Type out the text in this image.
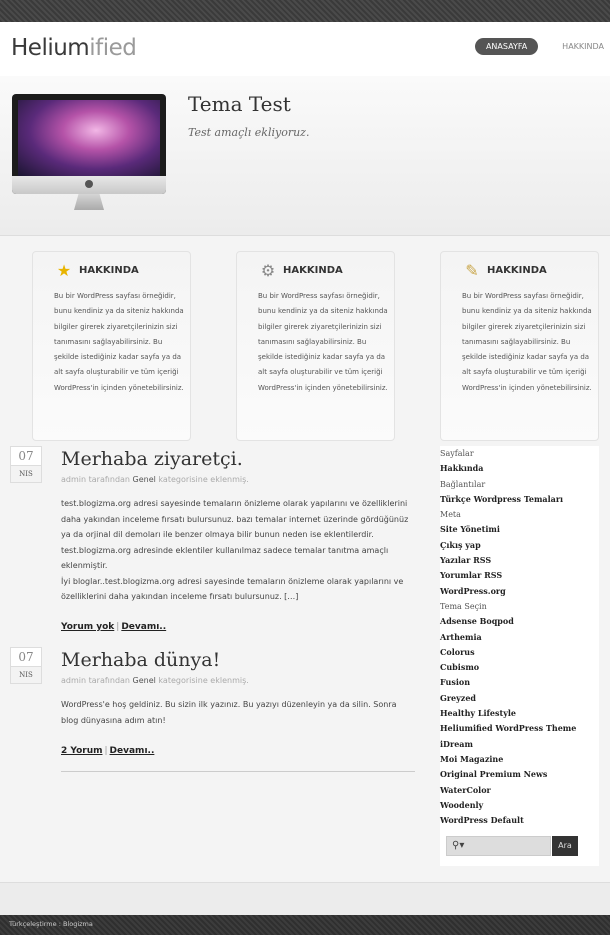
Heliumified	ANASAYFA	HAKKINDA
Tema Test
Test amaçlı ekliyoruz.
★ HAKKINDA

Bu bir WordPress sayfası örneğidir, bunu kendiniz ya da siteniz hakkında bilgiler girerek ziyaretçilerinizin sizi tanımasını sağlayabilirsiniz. Bu şekilde istediğiniz kadar sayfa ya da alt sayfa oluşturabilir ve tüm içeriği WordPress'in içinden yönetebilirsiniz.

⚙ HAKKINDA

Bu bir WordPress sayfası örneğidir, bunu kendiniz ya da siteniz hakkında bilgiler girerek ziyaretçilerinizin sizi tanımasını sağlayabilirsiniz. Bu şekilde istediğiniz kadar sayfa ya da alt sayfa oluşturabilir ve tüm içeriği WordPress'in içinden yönetebilirsiniz.

✎ HAKKINDA

Bu bir WordPress sayfası örneğidir, bunu kendiniz ya da siteniz hakkında bilgiler girerek ziyaretçilerinizin sizi tanımasını sağlayabilirsiniz. Bu şekilde istediğiniz kadar sayfa ya da alt sayfa oluşturabilir ve tüm içeriği WordPress'in içinden yönetebilirsiniz.

07
NIS
Merhaba ziyaretçi.
admin tarafından Genel kategorisine eklenmiş.
test.blogizma.org adresi sayesinde temaların önizleme olarak yapılarını ve özelliklerini daha yakından inceleme fırsatı bulursunuz. bazı temalar internet üzerinde gördüğünüz ya da orjinal dil demoları ile benzer olmaya bilir bunun neden ise eklentilerdir. test.blogizma.org adresinde eklentiler kullanılmaz sadece temalar tanıtma amaçlı eklenmiştir.
İyi bloglar..test.blogizma.org adresi sayesinde temaların önizleme olarak yapılarını ve özelliklerini daha yakından inceleme fırsatı bulursunuz. […]
Yorum yok | Devamı..
07
NIS
Merhaba dünya!
admin tarafından Genel kategorisine eklenmiş.
WordPress'e hoş geldiniz. Bu sizin ilk yazınız. Bu yazıyı düzenleyin ya da silin. Sonra blog dünyasına adım atın!
2 Yorum | Devamı..
Sayfalar
Hakkında
Bağlantılar
Türkçe Wordpress Temaları
Meta
Site Yönetimi
Çıkış yap
Yazılar RSS
Yorumlar RSS
WordPress.org
Tema Seçin
Adsense Boqpod
Arthemia
Colorus
Cubismo
Fusion
Greyzed
Healthy Lifestyle
Heliumified WordPress Theme
iDream
Moi Magazine
Original Premium News
WaterColor
Woodenly
WordPress Default
⚲▾	Ara
Türkçeleştirme : Blogizma
